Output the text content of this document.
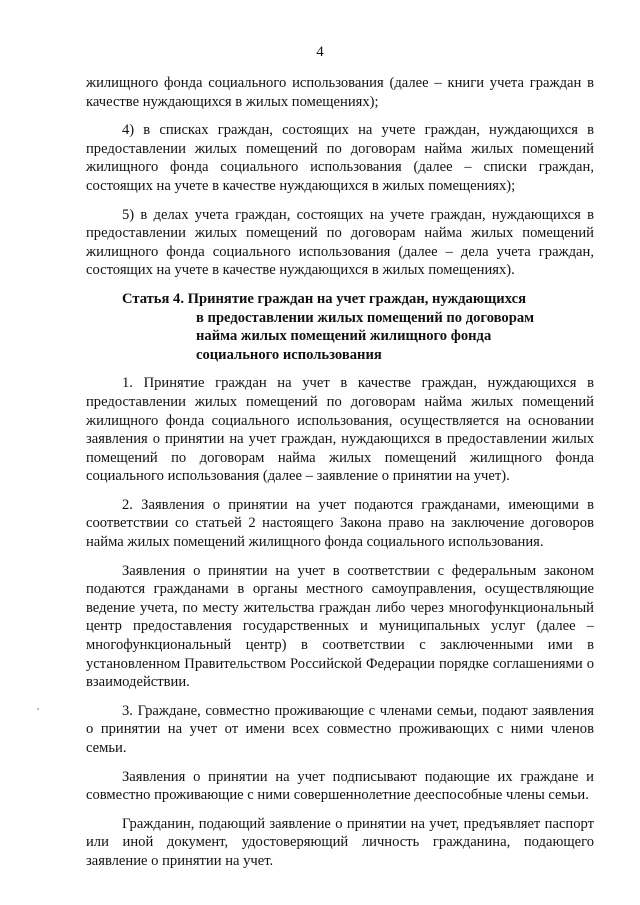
4

жилищного фонда социального использования (далее – книги учета граждан в качестве нуждающихся в жилых помещениях);

4) в списках граждан, состоящих на учете граждан, нуждающихся в предоставлении жилых помещений по договорам найма жилых помещений жилищного фонда социального использования (далее – списки граждан, состоящих на учете в качестве нуждающихся в жилых помещениях);

5) в делах учета граждан, состоящих на учете граждан, нуждающихся в предоставлении жилых помещений по договорам найма жилых помещений жилищного фонда социального использования (далее – дела учета граждан, состоящих на учете в качестве нуждающихся в жилых помещениях).

Статья 4. Принятие граждан на учет граждан, нуждающихся
в предоставлении жилых помещений по договорам
найма жилых помещений жилищного фонда
социального использования

1. Принятие граждан на учет в качестве граждан, нуждающихся в предоставлении жилых помещений по договорам найма жилых помещений жилищного фонда социального использования, осуществляется на основании заявления о принятии на учет граждан, нуждающихся в предоставлении жилых помещений по договорам найма жилых помещений жилищного фонда социального использования (далее – заявление о принятии на учет).

2. Заявления о принятии на учет подаются гражданами, имеющими в соответствии со статьей 2 настоящего Закона право на заключение договоров найма жилых помещений жилищного фонда социального использования.

Заявления о принятии на учет в соответствии с федеральным законом подаются гражданами в органы местного самоуправления, осуществляющие ведение учета, по месту жительства граждан либо через многофункциональный центр предоставления государственных и муниципальных услуг (далее – многофункциональный центр) в соответствии с заключенными ими в установленном Правительством Российской Федерации порядке соглашениями о взаимодействии.

3. Граждане, совместно проживающие с членами семьи, подают заявления о принятии на учет от имени всех совместно проживающих с ними членов семьи.

Заявления о принятии на учет подписывают подающие их граждане и совместно проживающие с ними совершеннолетние дееспособные члены семьи.

Гражданин, подающий заявление о принятии на учет, предъявляет паспорт или иной документ, удостоверяющий личность гражданина, подающего заявление о принятии на учет.
